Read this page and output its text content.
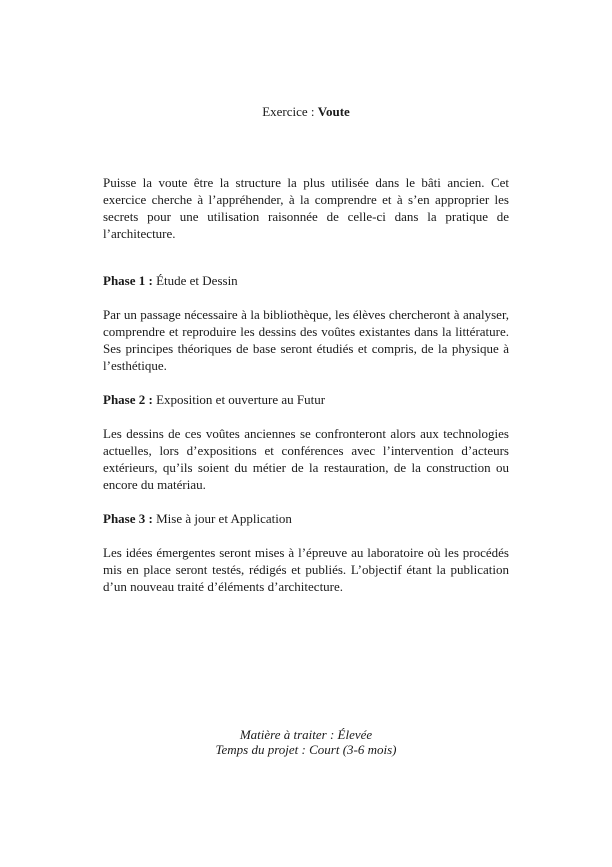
Exercice : Voute

Puisse la voute être la structure la plus utilisée dans le bâti ancien. Cet exercice cherche à l’appréhender, à la comprendre et à s’en approprier les secrets pour une utilisation raisonnée de celle-ci dans la pratique de l’architecture.

Phase 1 : Étude et Dessin

Par un passage nécessaire à la bibliothèque, les élèves chercheront à analyser, comprendre et reproduire les dessins des voûtes existantes dans la littérature. Ses principes théoriques de base seront étudiés et compris, de la physique à l’esthétique.

Phase 2 : Exposition et ouverture au Futur

Les dessins de ces voûtes anciennes se confronteront alors aux technologies actuelles, lors d’expositions et conférences avec l’intervention d’acteurs extérieurs, qu’ils soient du métier de la restauration, de la construction ou encore du matériau.

Phase 3 : Mise à jour et Application

Les idées émergentes seront mises à l’épreuve au laboratoire où les procédés mis en place seront testés, rédigés et publiés. L’objectif étant la publication d’un nouveau traité d’éléments d’architecture.

Matière à traiter : Élevée
Temps du projet : Court (3-6 mois)
